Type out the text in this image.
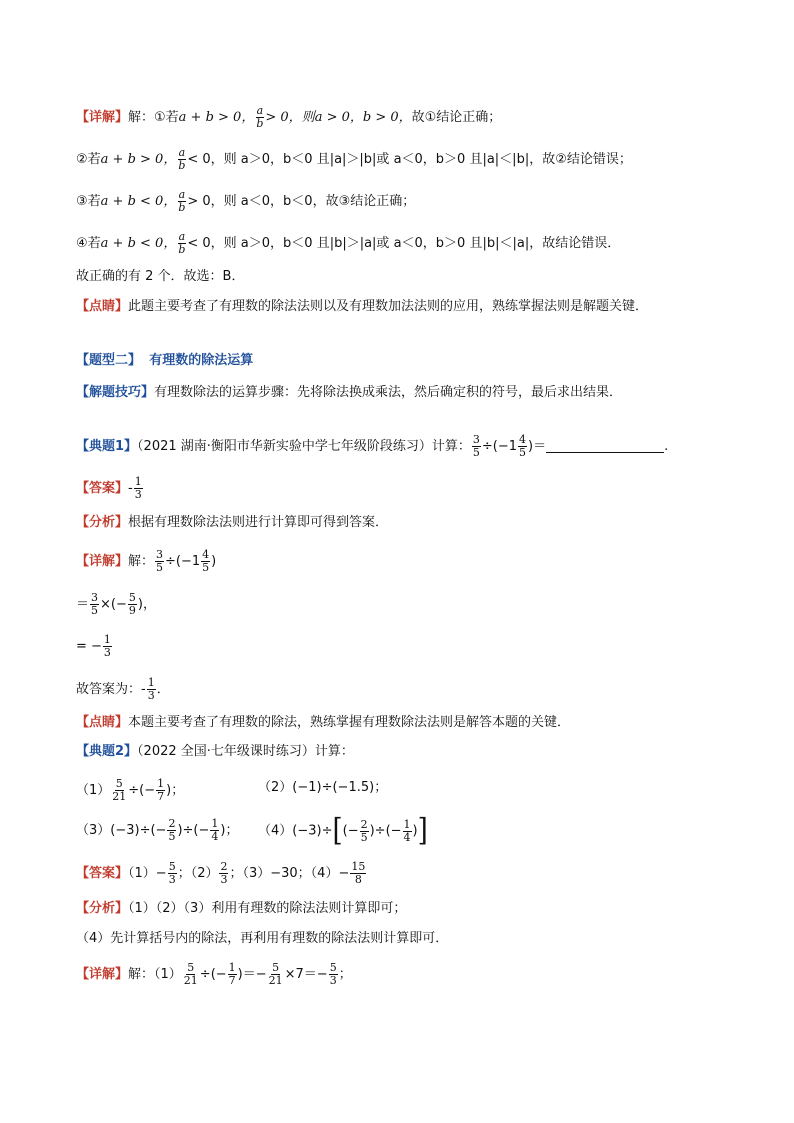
【详解】解：①若a + b > 0， $\frac{a}{b} > 0$，则a > 0，b > 0，故①结论正确；
②若a + b > 0， $\frac{a}{b} < 0$，则 a＞0，b＜0 且|a|＞|b|或 a＜0，b＞0 且|a|＜|b|，故②结论错误；
③若a + b < 0， $\frac{a}{b} > 0$，则 a＜0，b＜0，故③结论正确；
④若a + b < 0， $\frac{a}{b} < 0$，则 a＞0，b＜0 且|b|＞|a|或 a＜0，b＞0 且|b|＜|a|，故结论错误．
故正确的有 2 个．故选：B．
【点睛】此题主要考查了有理数的除法法则以及有理数加法法则的应用，熟练掌握法则是解题关键．
【题型二】 有理数的除法运算
【解题技巧】有理数除法的运算步骤：先将除法换成乘法，然后确定积的符号，最后求出结果．
【典题1】（2021 湖南·衡阳市华新实验中学七年级阶段练习）计算： $\frac{3}{5} \div(-1 \frac{4}{5}$ )＝	.
【答案】- $\frac{1}{3}$
【分析】根据有理数除法法则进行计算即可得到答案．
【详解】解： $\frac{3}{5} \div(-1 \frac{4}{5}$ )
＝ $\frac{3}{5}$ ×(− $\frac{5}{9}$ )，
= − $\frac{1}{3}$
故答案为：- $\frac{1}{3}$ ．
【点睛】本题主要考查了有理数的除法，熟练掌握有理数除法法则是解答本题的关键．
【典题2】（2022 全国·七年级课时练习）计算：
$(1) \frac{5}{21}$ ÷(− $\frac{1}{7}$ )；	（2）(−1)÷(−1.5)；
$(3)(-3)\div(- \frac{2}{5}$ )÷(− $\frac{1}{4}$ )； $(4)(-3)\div[(- \frac{2}{5}$ )÷(− $\frac{1}{4}$ )]
【答案】$(1)- \frac{5}{3}$ ；$(2) \frac{2}{3}$ ；（3）−30；$(4)- \frac{15}{8}$
【分析】（1）（2）（3）利用有理数的除法法则计算即可；
（4）先计算括号内的除法，再利用有理数的除法法则计算即可．
【详解】解：$(1) \frac{5}{21}$ ÷(− $\frac{1}{7}$ )＝− $\frac{5}{21} \times 7=- \frac{5}{3}$ ；
